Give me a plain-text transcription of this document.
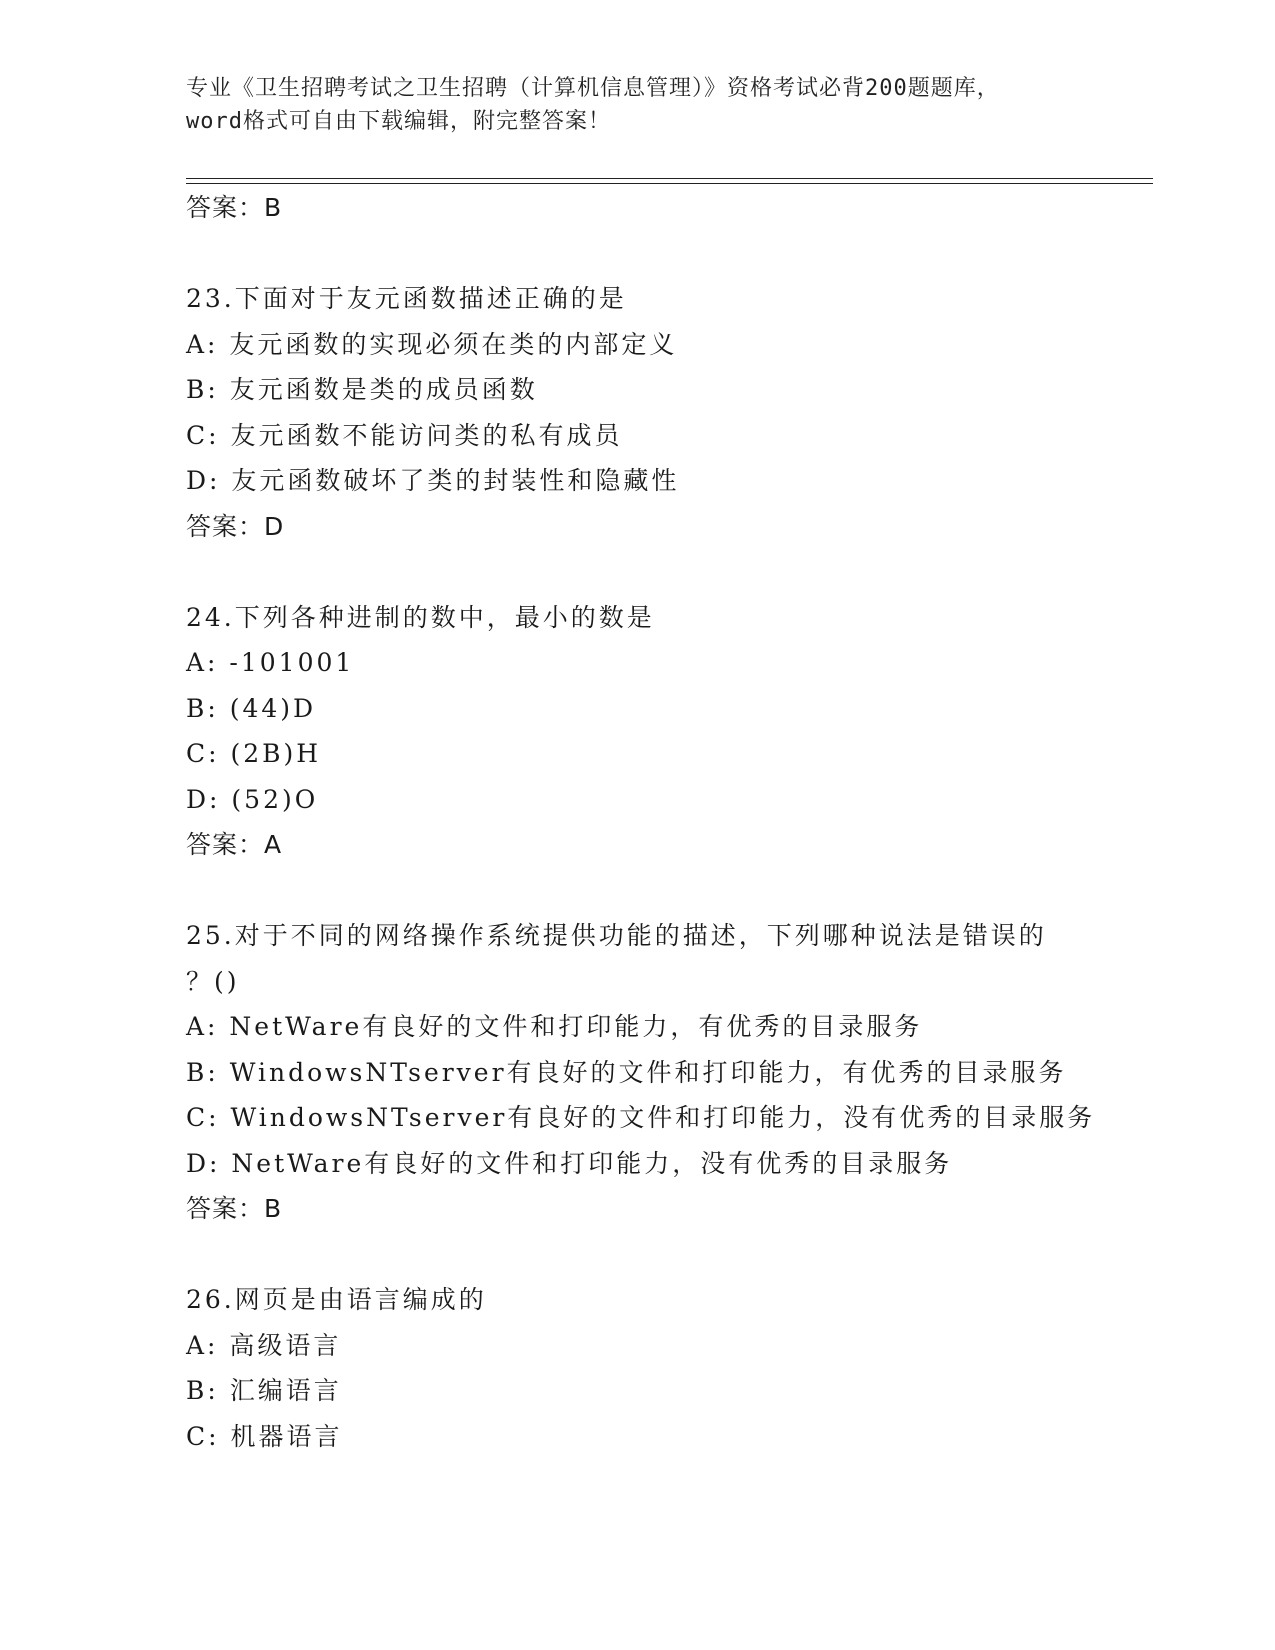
专业《卫生招聘考试之卫生招聘（计算机信息管理）》资格考试必背200题题库，
word格式可自由下载编辑，附完整答案！
答案：B
23.下面对于友元函数描述正确的是
A: 友元函数的实现必须在类的内部定义
B: 友元函数是类的成员函数
C: 友元函数不能访问类的私有成员
D: 友元函数破坏了类的封装性和隐藏性
答案：D
24.下列各种进制的数中，最小的数是
A: -101001
B: (44)D
C: (2B)H
D: (52)O
答案：A
25.对于不同的网络操作系统提供功能的描述，下列哪种说法是错误的
？()
A: NetWare有良好的文件和打印能力，有优秀的目录服务
B: WindowsNTserver有良好的文件和打印能力，有优秀的目录服务
C: WindowsNTserver有良好的文件和打印能力，没有优秀的目录服务
D: NetWare有良好的文件和打印能力，没有优秀的目录服务
答案：B
26.网页是由语言编成的
A: 高级语言
B: 汇编语言
C: 机器语言
